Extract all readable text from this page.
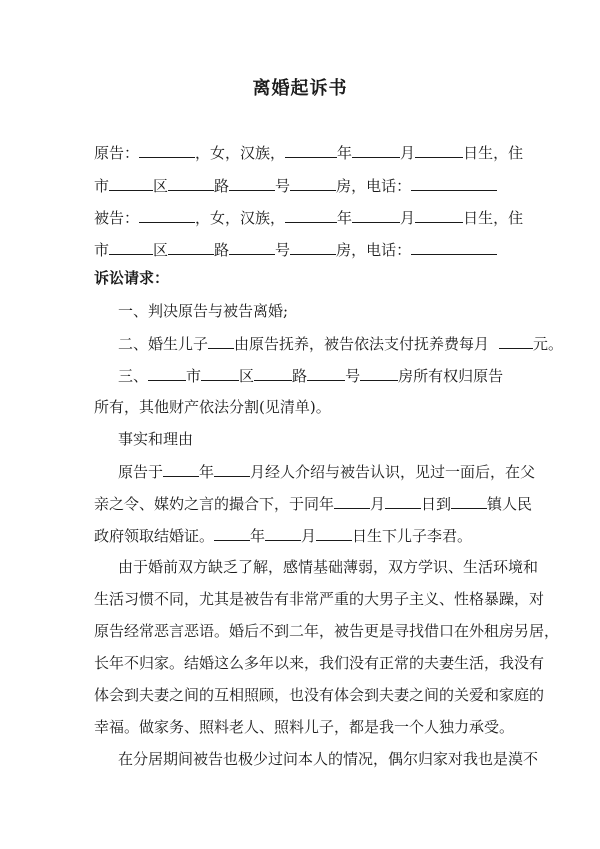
离婚起诉书
原告：	，女，汉族，	年	月	日生，住
市	区	路	号	房，电话：
被告：	，女，汉族，	年	月	日生，住
市	区	路	号	房，电话：
诉讼请求：
一、判决原告与被告离婚;
二、婚生儿子 由原告抚养，被告依法支付抚养费每月	元。
三、	市	区	路	号	房所有权归原告
所有，其他财产依法分割(见清单)。
事实和理由
原告于 年 月经人介绍与被告认识，见过一面后，在父
亲之令、媒妁之言的撮合下，于同年 月 日到 镇人民
政府领取结婚证。 年 月 日生下儿子李君。
由于婚前双方缺乏了解，感情基础薄弱，双方学识、生活环境和
生活习惯不同，尤其是被告有非常严重的大男子主义、性格暴躁，对
原告经常恶言恶语。婚后不到二年，被告更是寻找借口在外租房另居，
长年不归家。结婚这么多年以来，我们没有正常的夫妻生活，我没有
体会到夫妻之间的互相照顾，也没有体会到夫妻之间的关爱和家庭的
幸福。做家务、照料老人、照料儿子，都是我一个人独力承受。
在分居期间被告也极少过问本人的情况，偶尔归家对我也是漠不
